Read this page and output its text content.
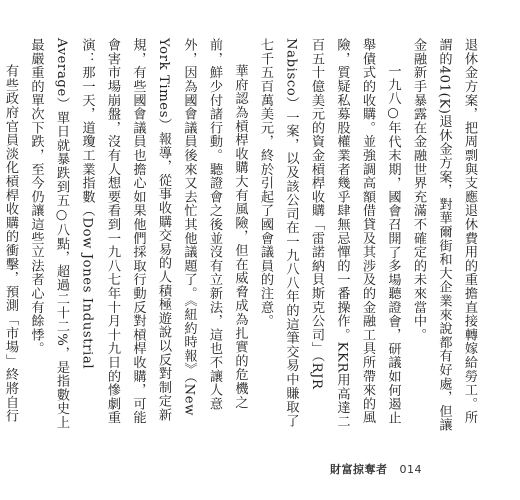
退休金方案，把周剽與支應退休費用的重擔直接轉嫁給勞工。所謂的401(K)退休金方案，對華爾街和大企業來說都有好處，但讓金融新手暴露在金融世界充滿不確定的未來當中。

一九八○年代末期，國會召開了多場聽證會，研議如何遏止舉債式的收購。並強調高額借貸及其涉及的金融工具所帶來的風險，質疑私募股權業者幾乎肆無忌憚的一番操作。KKR用高達二百五十億美元的資金槓桿收購「雷諾納貝斯克公司」（RJR Nabisco）一案，以及該公司在一九八八年的這筆交易中賺取了七千五百萬美元，終於引起了國會議員的注意。

華府認為槓桿收購大有風險，但在威脅成為扎實的危機之前，鮮少付諸行動。聽證會之後並沒有立新法，這也不讓人意外，因為國會議員後來又去忙其他議題了。《紐約時報》（New York Times）報導，從事收購交易的人積極遊說以反對制定新規，有些國會議員也擔心如果他們採取行動反對槓桿收購，可能會害市場崩盤，沒有人想要看到一九八七年十月十九日的慘劇重演：那一天，道瓊工業指數（Dow Jones Industrial Average）單日就暴跌到五○八點，超過二十二%，是指數史上最嚴重的單次下跌，至今仍讓這些立法者心有餘悸。

有些政府官員淡化槓桿收購的衝擊，預測「市場」終將自行

財富掠奪者 014
